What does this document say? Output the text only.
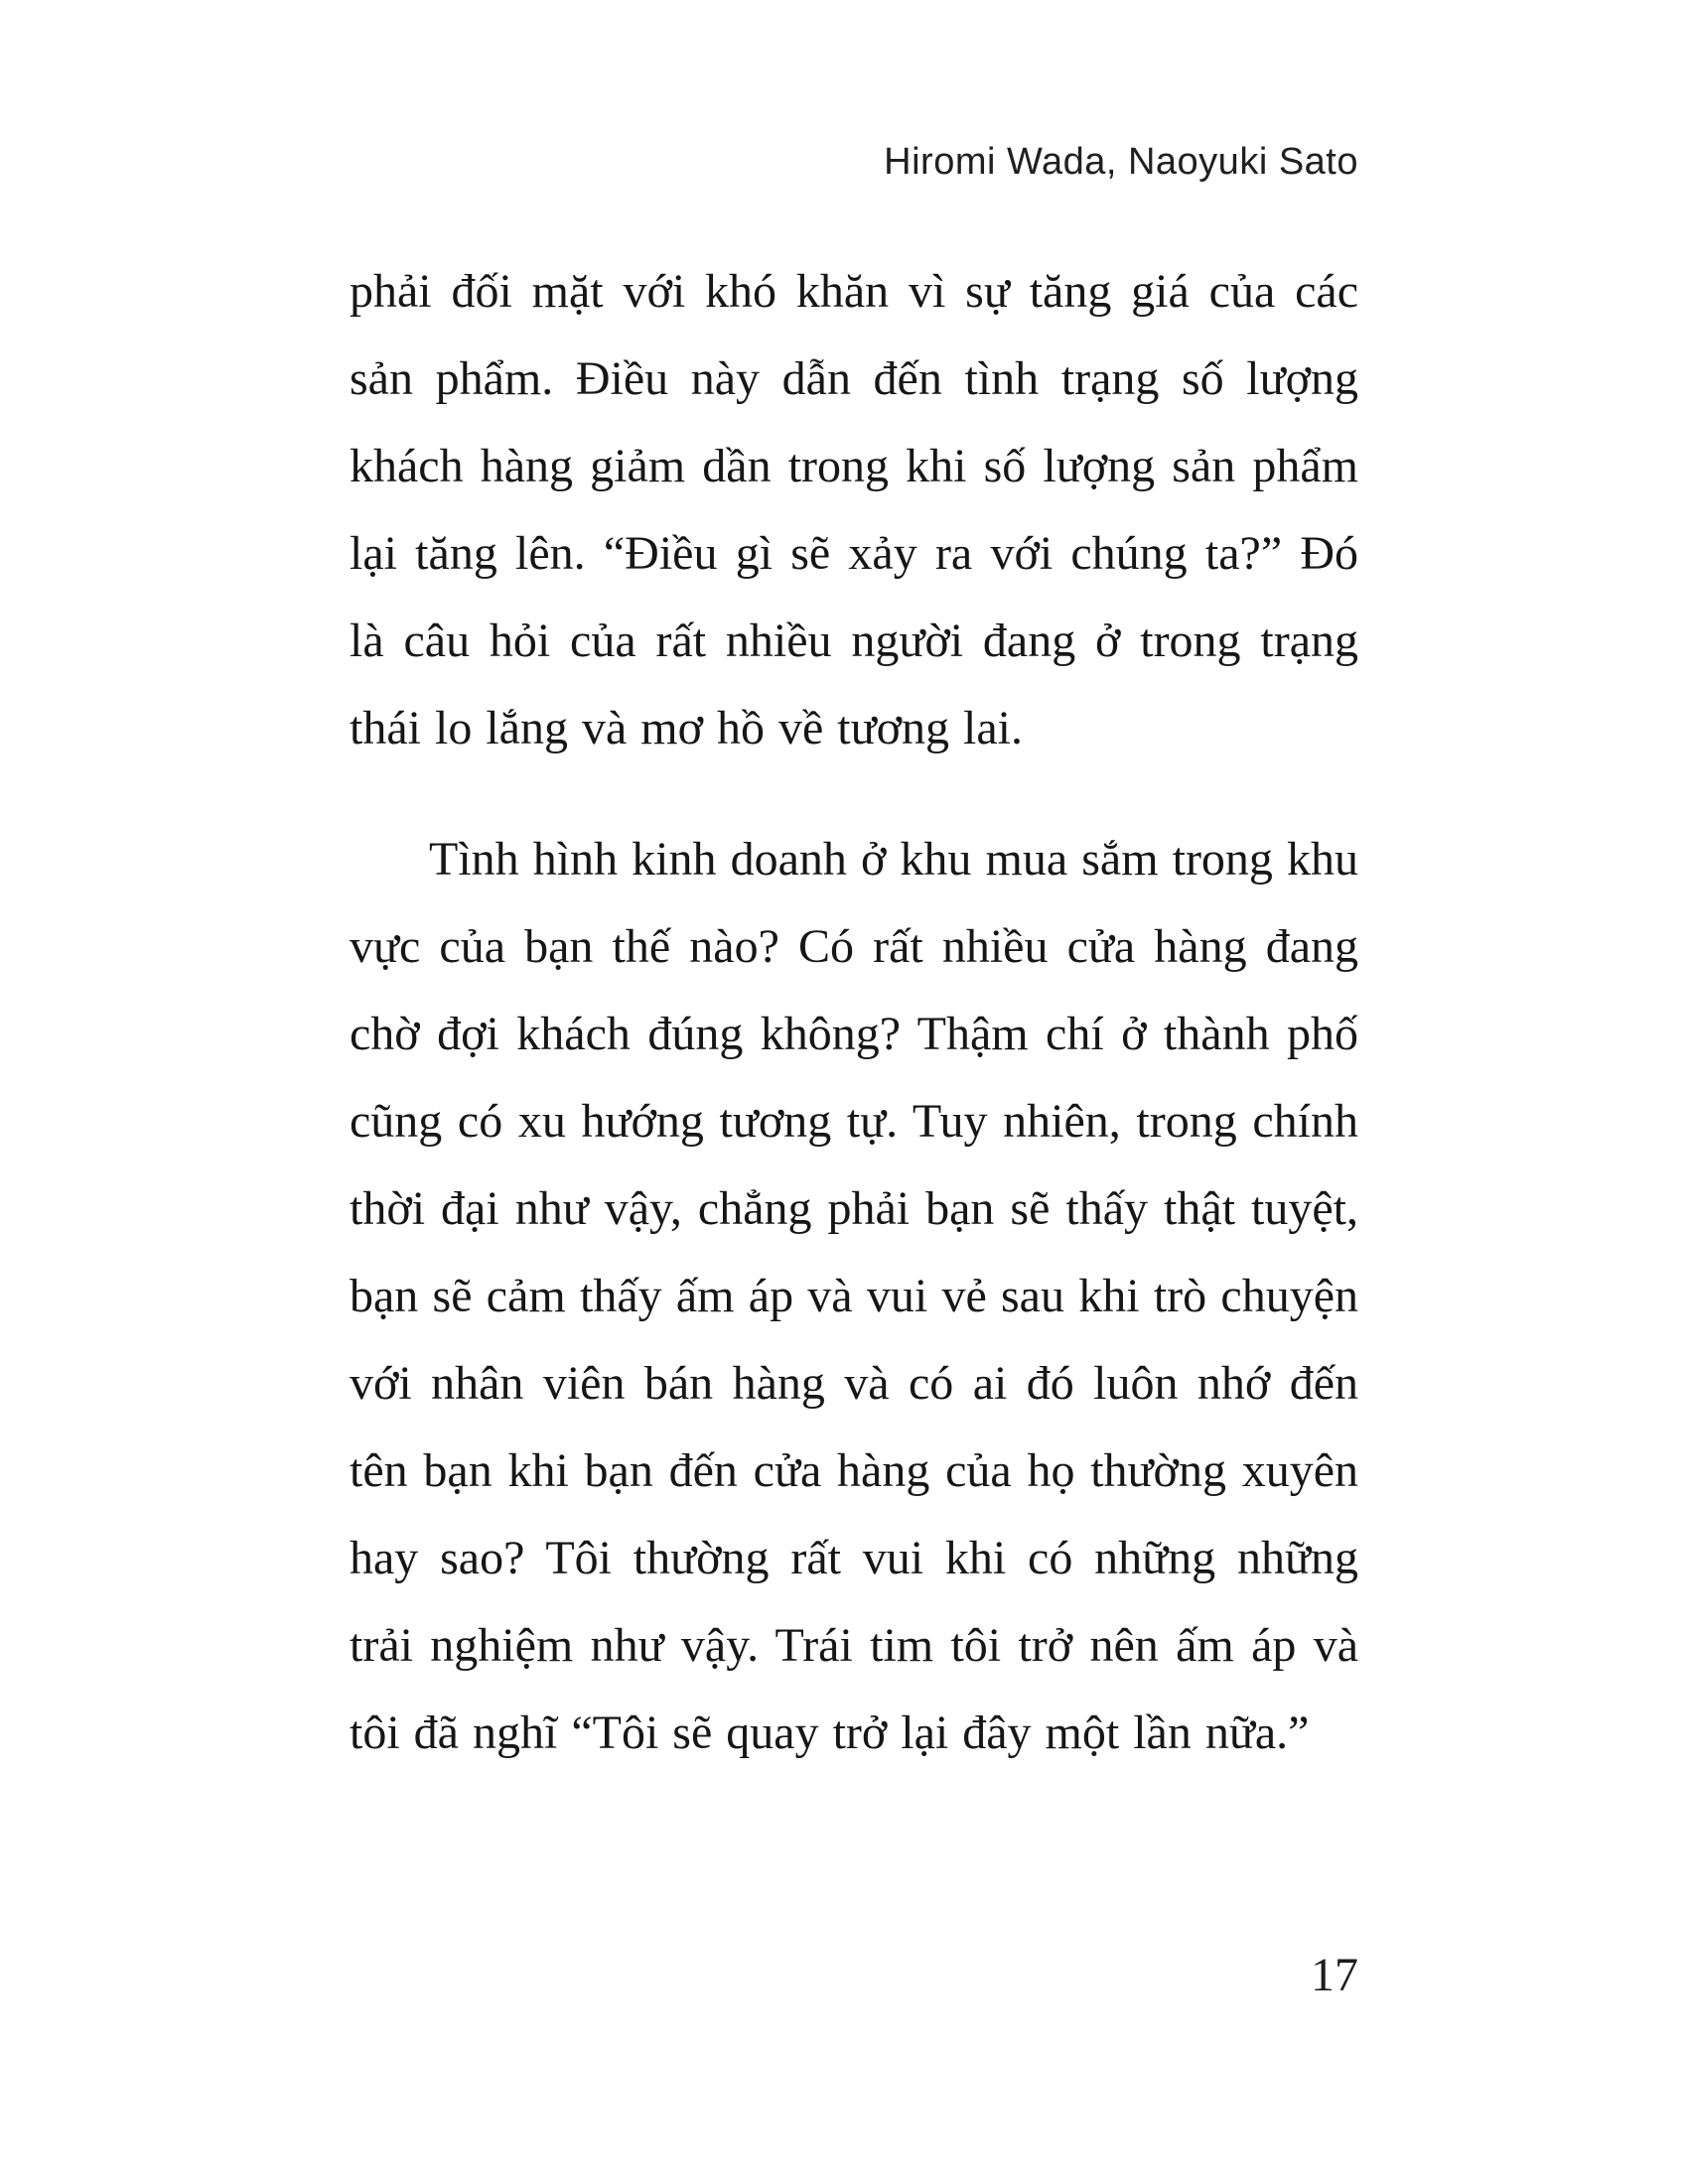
Hiromi Wada, Naoyuki Sato

phải đối mặt với khó khăn vì sự tăng giá của các sản phẩm. Điều này dẫn đến tình trạng số lượng khách hàng giảm dần trong khi số lượng sản phẩm lại tăng lên. “Điều gì sẽ xảy ra với chúng ta?” Đó là câu hỏi của rất nhiều người đang ở trong trạng thái lo lắng và mơ hồ về tương lai.

Tình hình kinh doanh ở khu mua sắm trong khu vực của bạn thế nào? Có rất nhiều cửa hàng đang chờ đợi khách đúng không? Thậm chí ở thành phố cũng có xu hướng tương tự. Tuy nhiên, trong chính thời đại như vậy, chẳng phải bạn sẽ thấy thật tuyệt, bạn sẽ cảm thấy ấm áp và vui vẻ sau khi trò chuyện với nhân viên bán hàng và có ai đó luôn nhớ đến tên bạn khi bạn đến cửa hàng của họ thường xuyên hay sao? Tôi thường rất vui khi có những những trải nghiệm như vậy. Trái tim tôi trở nên ấm áp và tôi đã nghĩ “Tôi sẽ quay trở lại đây một lần nữa.”

17
